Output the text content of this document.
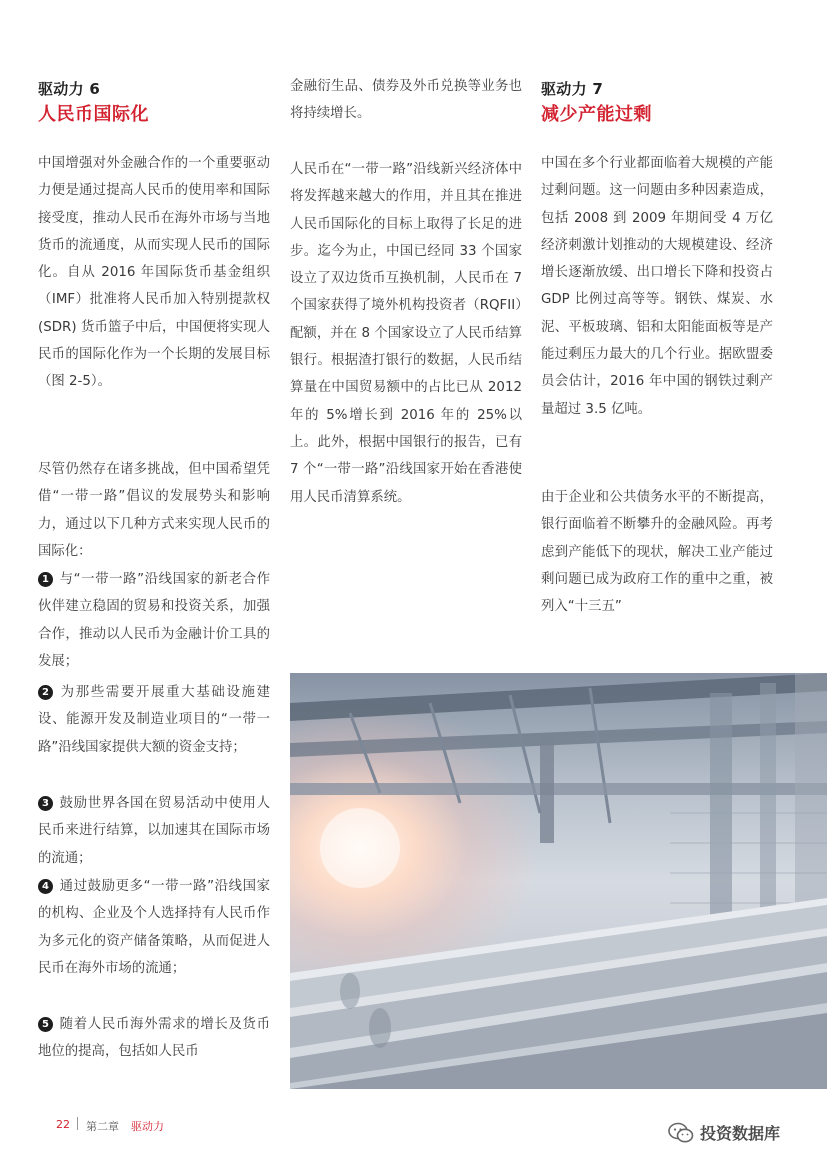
驱动力 6
人民币国际化

中国增强对外金融合作的一个重要驱动力便是通过提高人民币的使用率和国际接受度，推动人民币在海外市场与当地货币的流通度，从而实现人民币的国际化。自从 2016 年国际货币基金组织（IMF）批准将人民币加入特别提款权 (SDR) 货币篮子中后，中国便将实现人民币的国际化作为一个长期的发展目标（图 2-5）。

尽管仍然存在诸多挑战，但中国希望凭借“一带一路”倡议的发展势头和影响力，通过以下几种方式来实现人民币的国际化：

1 与“一带一路”沿线国家的新老合作伙伴建立稳固的贸易和投资关系，加强合作，推动以人民币为金融计价工具的发展；

2 为那些需要开展重大基础设施建设、能源开发及制造业项目的“一带一路”沿线国家提供大额的资金支持；

3 鼓励世界各国在贸易活动中使用人民币来进行结算，以加速其在国际市场的流通；

4 通过鼓励更多“一带一路”沿线国家的机构、企业及个人选择持有人民币作为多元化的资产储备策略，从而促进人民币在海外市场的流通；

5 随着人民币海外需求的增长及货币地位的提高，包括如人民币

金融衍生品、债券及外币兑换等业务也将持续增长。

人民币在“一带一路”沿线新兴经济体中将发挥越来越大的作用，并且其在推进人民币国际化的目标上取得了长足的进步。迄今为止，中国已经同 33 个国家设立了双边货币互换机制，人民币在 7 个国家获得了境外机构投资者（RQFII）配额，并在 8 个国家设立了人民币结算银行。根据渣打银行的数据，人民币结算量在中国贸易额中的占比已从 2012 年的 5%增长到 2016 年的 25%以上。此外，根据中国银行的报告，已有 7 个“一带一路”沿线国家开始在香港使用人民币清算系统。

驱动力 7
减少产能过剩

中国在多个行业都面临着大规模的产能过剩问题。这一问题由多种因素造成，包括 2008 到 2009 年期间受 4 万亿经济刺激计划推动的大规模建设、经济增长逐渐放缓、出口增长下降和投资占 GDP 比例过高等等。钢铁、煤炭、水泥、平板玻璃、铝和太阳能面板等是产能过剩压力最大的几个行业。据欧盟委员会估计，2016 年中国的钢铁过剩产量超过 3.5 亿吨。

由于企业和公共债务水平的不断提高，银行面临着不断攀升的金融风险。再考虑到产能低下的现状，解决工业产能过剩问题已成为政府工作的重中之重，被列入“十三五”

22 第二章 驱动力	投资数据库
